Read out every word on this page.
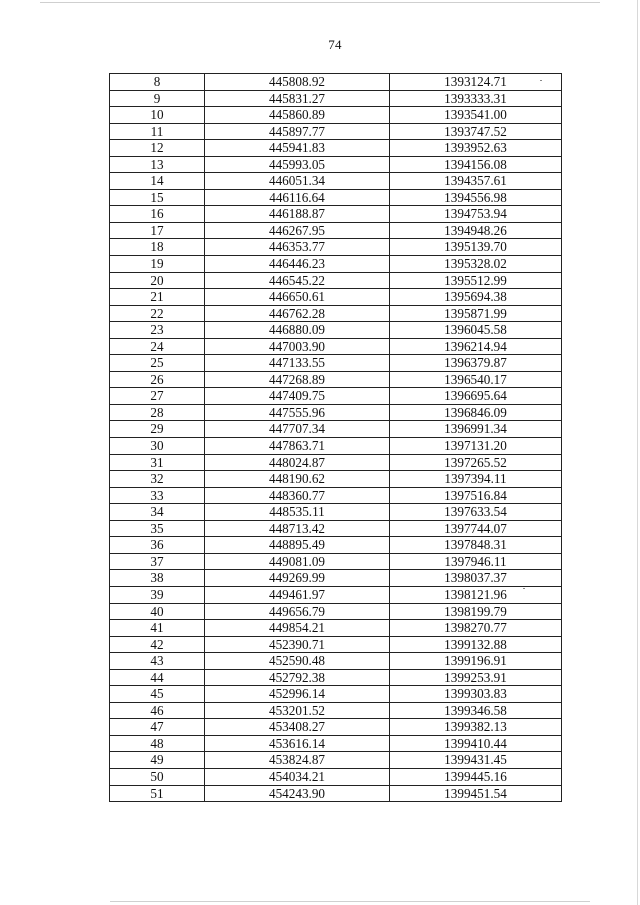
74
8	445808.92	1393124.71
9	445831.27	1393333.31
10	445860.89	1393541.00
11	445897.77	1393747.52
12	445941.83	1393952.63
13	445993.05	1394156.08
14	446051.34	1394357.61
15	446116.64	1394556.98
16	446188.87	1394753.94
17	446267.95	1394948.26
18	446353.77	1395139.70
19	446446.23	1395328.02
20	446545.22	1395512.99
21	446650.61	1395694.38
22	446762.28	1395871.99
23	446880.09	1396045.58
24	447003.90	1396214.94
25	447133.55	1396379.87
26	447268.89	1396540.17
27	447409.75	1396695.64
28	447555.96	1396846.09
29	447707.34	1396991.34
30	447863.71	1397131.20
31	448024.87	1397265.52
32	448190.62	1397394.11
33	448360.77	1397516.84
34	448535.11	1397633.54
35	448713.42	1397744.07
36	448895.49	1397848.31
37	449081.09	1397946.11
38	449269.99	1398037.37
39	449461.97	1398121.96
40	449656.79	1398199.79
41	449854.21	1398270.77
42	452390.71	1399132.88
43	452590.48	1399196.91
44	452792.38	1399253.91
45	452996.14	1399303.83
46	453201.52	1399346.58
47	453408.27	1399382.13
48	453616.14	1399410.44
49	453824.87	1399431.45
50	454034.21	1399445.16
51	454243.90	1399451.54
